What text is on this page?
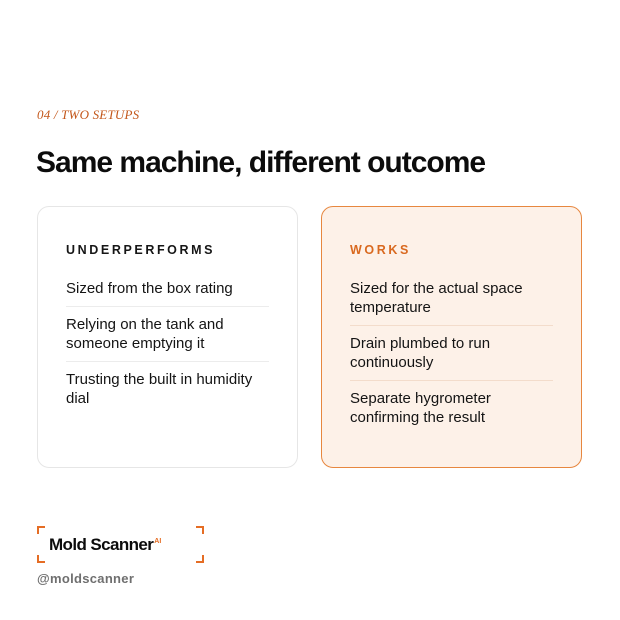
04 / TWO SETUPS
Same machine, different outcome
UNDERPERFORMS
Sized from the box rating
Relying on the tank and someone emptying it
Trusting the built in humidity dial
WORKS
Sized for the actual space temperature
Drain plumbed to run continuously
Separate hygrometer confirming the result
Mold Scanner$^{AI}$
@moldscanner
